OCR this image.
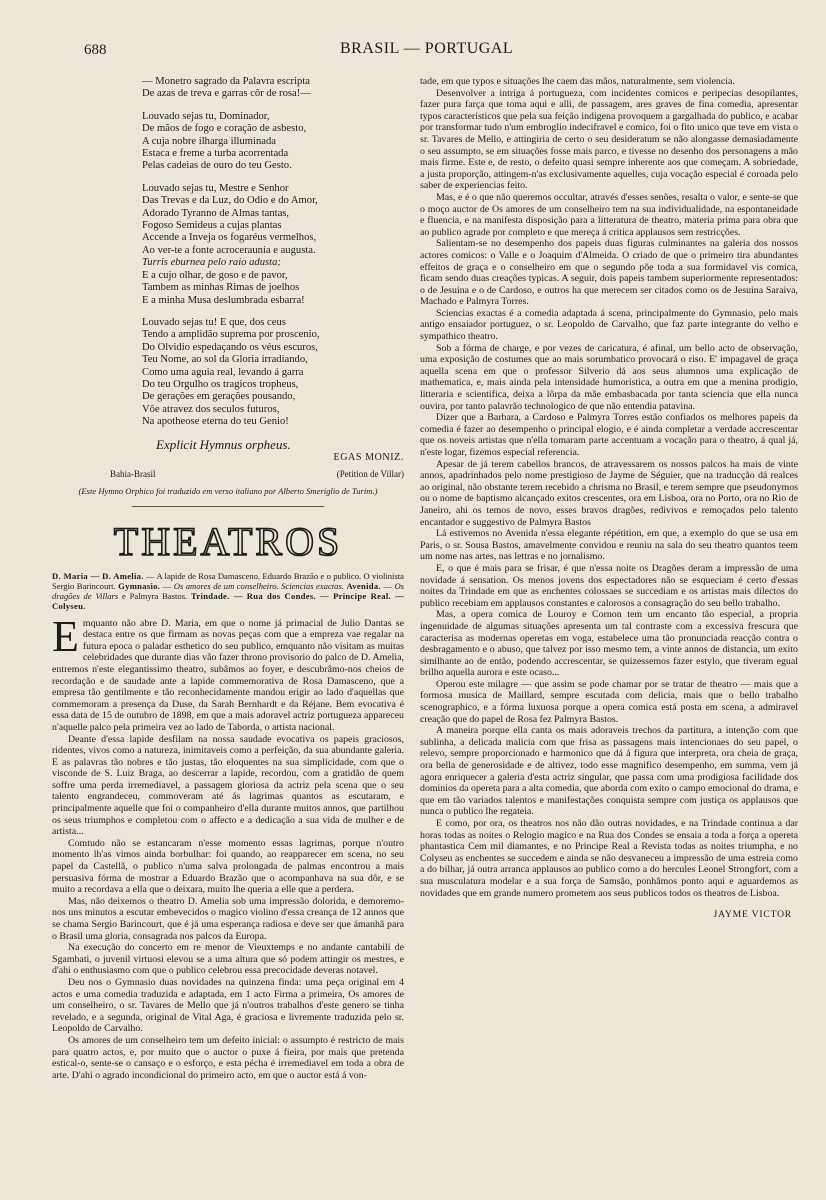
688	BRASIL — PORTUGAL
— Monetro sagrado da Palavra escripta
De azas de treva e garras côr de rosa!—
Louvado sejas tu, Dominador,
De mãos de fogo e coração de asbesto,
A cuja nobre ilharga illuminada
Estaca e freme a turba acorrentada
Pelas cadeias de ouro do teu Gesto.
Louvado sejas tu, Mestre e Senhor
Das Trevas e da Luz, do Odio e do Amor,
Adorado Tyranno de Almas tantas,
Fogoso Semideus a cujas plantas
Accende a Inveja os fogaréus vermelhos,
Ao ver-te a fonte acroceraunia e augusta.
Turris eburnea pelo raio adusta;
E a cujo olhar, de goso e de pavor,
Tambem as minhas Rimas de joelhos
E a minha Musa deslumbrada esbarra!
Louvado sejas tu! E que, dos ceus
Tendo a amplidão suprema por proscenio,
Do Olvidio espedaçando os véus escuros,
Teu Nome, ao sol da Gloria irradiando,
Como uma aguia real, levando á garra
Do teu Orgulho os tragicos tropheus,
De gerações em gerações pousando,
Vôe atravez dos seculos futuros,
Na apotheose eterna do teu Genio!
Explicit Hymnus orpheus.
EGAS MONIZ.
Bahia-Brasil	(Petition de Villar)
(Este Hymno Orphico foi traduzido em verso italiano por Alberto Smeriglio de Turim.)
THEATROS
D. Maria — D. Amelia. — A lapide de Rosa Damasceno. Eduardo Brazão e o publico. O violinista Sergio Barincourt. Gymnasio. — Os amores de um conselheiro. Sciencias exactas. Avenida. — Os dragões de Villars e Palmyra Bastos. Trindade. — Rua dos Condes. — Principe Real. — Colyseu.

Emquanto não abre D. Maria, em que o nome já primacial de Julio Dantas se destaca entre os que firmam as novas peças com que a empreza vae regalar na futura epoca o paladar esthetico do seu publico, emquanto não visitam as muitas celebridades que durante dias vão fazer throno provisorio do palco de D. Amelia, entremos n'este elegantissimo theatro, subâmos ao foyer, e descubrâmo-nos cheios de recordação e de saudade ante a lapide commemorativa de Rosa Damasceno, que a empresa tão gentilmente e tão reconhecidamente mandou erigir ao lado d'aquellas que commemoram a presença da Duse, da Sarah Bernhardt e da Réjane. Bem evocativa é essa data de 15 de outubro de 1898, em que a mais adoravel actriz portugueza appareceu n'aquelle palco pela primeira vez ao lado de Taborda, o artista nacional.

Deante d'essa lapide desfilam na nossa saudade evocativa os papeis graciosos, ridentes, vivos como a natureza, inimitaveis como a perfeição, da sua abundante galeria. E as palavras tão nobres e tão justas, tão eloquentes na sua simplicidade, com que o visconde de S. Luiz Braga, ao descerrar a lapide, recordou, com a gratidão de quem soffre uma perda irremediavel, a passagem gloriosa da actriz pela scena que o seu talento engrandeceu, commoveram até ás lagrimas quantos as escutaram, e principalmente aquelle que foi o companheiro d'ella durante muitos annos, que partilhou os seus triumphos e completou com o affecto e a dedicação a sua vida de mulher e de artista...

Comtudo não se estancaram n'esse momento essas lagrimas, porque n'outro momento lh'as vimos ainda borbulhar: foi quando, ao reapparecer em scena, no seu papel da Castellã, o publico n'uma salva prolongada de palmas encontrou a mais persuasiva fórma de mostrar a Eduardo Brazão que o acompanhava na sua dôr, e se muito a recordava a ella que o deixara, muito lhe queria a elle que a perdera.

Mas, não deixemos o theatro D. Amelia sob uma impressão dolorida, e demoremo-nos uns minutos a escutar embevecidos o magico violino d'essa creança de 12 annos que se chama Sergio Barincourt, que é já uma esperança radiosa e deve ser que ámanhã para o Brasil uma gloria, consagrada nos palcos da Europa.

Na execução do concerto em re menor de Vieuxtemps e no andante cantabili de Sgambati, o juvenil virtuosi elevou se a uma altura que só podem attingir os mestres, e d'ahi o enthusiasmo com que o publico celebrou essa precocidade deveras notavel.

Deu nos o Gymnasio duas novidades na quinzena finda: uma peça original em 4 actos e uma comedia traduzida e adaptada, em 1 acto Firma a primeira, Os amores de um conselheiro, o sr. Tavares de Mello que já n'outros trabalhos d'este genero se tinha revelado, e a segunda, original de Vital Aga, é graciosa e livremente traduzida pelo sr. Leopoldo de Carvalho.

Os amores de um conselheiro tem um defeito inicial: o assumpto é restricto de mais para quatro actos, e, por muito que o auctor o puxe á fieira, por mais que pretenda estical-o, sente-se o cansaço e o esforço, e esta pécha é irremediavel em toda a obra de arte. D'ahi o agrado incondicional do primeiro acto, em que o auctor está á von-

tade, em que typos e situações lhe caem das mãos, naturalmente, sem violencia.

Desenvolver a intriga á portugueza, com incidentes comicos e peripecias desopilantes, fazer pura farça que toma aqui e alli, de passagem, ares graves de fina comedia, apresentar typos caracteristicos que pela sua feição indigena provoquem a gargalhada do publico, e acabar por transformar tudo n'um embroglio indecifravel e comico, foi o fito unico que teve em vista o sr. Tavares de Mello, e attingiria de certo o seu desideratum se não alongasse demasiadamente o seu assumpto, se em situações fosse mais parco, e tivesse no desenho dos personagens a mão mais firme. Este e, de resto, o defeito quasi sempre inherente aos que começam. A sobriedade, a justa proporção, attingem-n'as exclusivamente aquelles, cuja vocação especial é coroada pelo saber de experiencias feito.

Mas, e é o que não queremos occultar, através d'esses senões, resalta o valor, e sente-se que o moço auctor de Os amores de um conselheiro tem na sua individualidade, na espontaneidade e fluencia, e na manifesta disposição para a litteratura de theatro, materia prima para obra que ao publico agrade por completo e que mereça á critica applausos sem restricções.

Salientam-se no desempenho dos papeis duas figuras culminantes na galeria dos nossos actores comicos: o Valle e o Joaquim d'Almeida. O criado de que o primeiro tira abundantes effeitos de graça e o conselheiro em que o segundo põe toda a sua formidavel vis comica, ficam sendo duas creações typicas. A seguir, dois papeis tambem superiormente representados: o de Jesuina e o de Cardoso, e outros ha que merecem ser citados como os de Jesuina Saraiva, Machado e Palmyra Torres.

Sciencias exactas é a comedia adaptada á scena, principalmente do Gymnasio, pelo mais antigo ensaiador portuguez, o sr. Leopoldo de Carvalho, que faz parte integrante do velho e sympathico theatro.

Sob a fórma de charge, e por vezes de caricatura, é afinal, um bello acto de observação, uma exposição de costumes que ao mais sorumbatico provocará o riso. E' impagavel de graça aquella scena em que o professor Silverio dá aos seus alumnos uma explicação de mathematica, e, mais ainda pela intensidade humoristica, a outra em que a menina prodigio, litteraria e scientifica, deixa a lôrpa da mãe embasbacada por tanta sciencia que ella nunca ouvira, por tanto palavrão technologico de que não entendia patavina.

Dizer que a Barbara, a Cardoso e Palmyra Torres estão confiados os melhores papeis da comedia é fazer ao desempenho o principal elogio, e é ainda completar a verdade accrescentar que os noveis artistas que n'ella tomaram parte accentuam a vocação para o theatro, á qual já, n'este logar, fizemos especial referencia.

Apesar de já terem cabellos brancos, de atravessarem os nossos palcos ha mais de vinte annos, apadrinhados pelo nome prestigioso de Jayme de Séguier, que na traducção dá realces ao original, não obstante terem recebido a chrisma no Brasil, e terem sempre que pseudonymos ou o nome de baptismo alcançado exitos crescentes, ora em Lisboa, ora no Porto, ora no Rio de Janeiro, ahi os temos de novo, esses bravos dragões, redivivos e remoçados pelo talento encantador e suggestivo de Palmyra Bastos

Lá estivemos no Avenida n'essa elegante répétition, em que, a exemplo do que se usa em Paris, o sr. Sousa Bastos, amavelmente convidou e reuniu na sala do seu theatro quantos teem um nome nas artes, nas lettras e no jornalismo.

E, o que é mais para se frisar, é que n'essa noite os Dragões deram a impressão de uma novidade á sensation. Os menos jovens dos espectadores não se esqueciam é certo d'essas noites da Trindade em que as enchentes colossaes se succediam e os artistas mais dilectos do publico recebiam em applausos constantes e calorosos a consagração do seu bello trabalho.

Mas, a opera comica de Louroy e Cornon tem um encanto tão especial, a propria ingenuidade de algumas situações apresenta um tal contraste com a excessiva frescura que caracterisa as modernas operetas em voga, estabelece uma tão pronunciada reacção contra o desbragamento e o abuso, que talvez por isso mesmo tem, a vinte annos de distancia, um exito similhante ao de então, podendo accrescentar, se quizessemos fazer estylo, que tiveram egual brilho aquella aurora e este ocaso...

Operou este milagre — que assim se pode chamar por se tratar de theatro — mais que a formosa musica de Maillard, sempre escutada com delicia, mais que o bello trabalho scenographico, e a fórma luxuosa porque a opera comica está posta em scena, a admiravel creação que do papel de Rosa fez Palmyra Bastos.

A maneira porque ella canta os mais adoraveis trechos da partitura, a intenção com que sublinha, a delicada malicia com que frisa as passagens mais intencionaes do seu papel, o relevo, sempre proporcionado e harmonico que dá á figura que interpreta, ora cheia de graça, ora bella de generosidade e de altivez, todo esse magnifico desempenho, em summa, vem já agora enriquecer a galeria d'esta actriz singular, que passa com uma prodigiosa facilidade dos dominios da opereta para a alta comedia, que aborda com exito o campo emocional do drama, e que em tão variados talentos e manifestações conquista sempre com justiça os applausos que nunca o publico lhe regateia.

E como, por ora, os theatros nos não dão outras novidades, e na Trindade continua a dar horas todas as noites o Relogio magico e na Rua dos Condes se ensaia a toda a força a opereta phantastica Cem mil diamantes, e no Principe Real a Revista todas as noites triumpha, e no Colyseu as enchentes se succedem e ainda se não desvaneceu a impressão de uma estreia como a do bilhar, já outra arranca applausos ao publico como a do hercules Leonel Strongfort, com a sua musculatura modelar e a sua força de Samsão, ponhâmos ponto aqui e aguardemos as novidades que em grande numero prometem aos seus publicos todos os theatros de Lisboa.

JAYME VICTOR
